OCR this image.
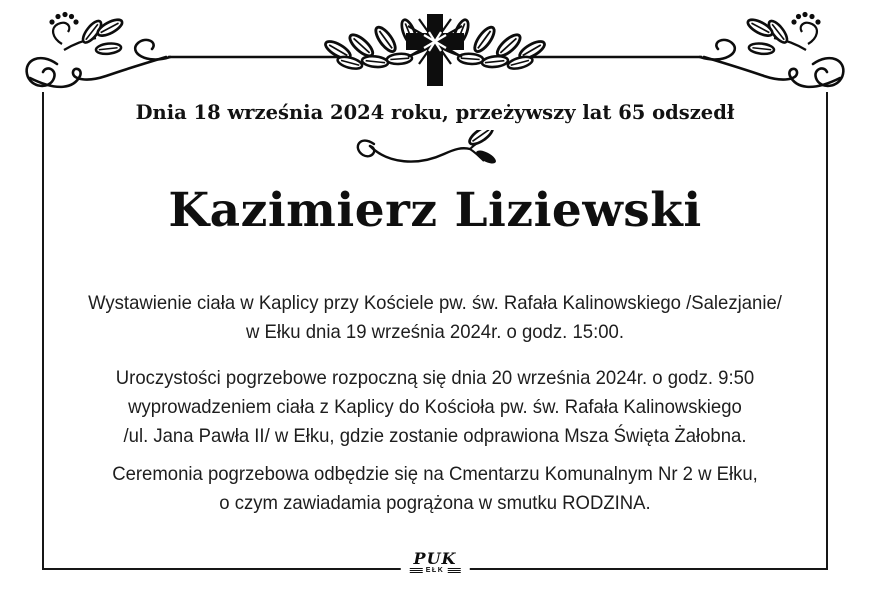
Dnia 18 września 2024 roku, przeżywszy lat 65 odszedł
Kazimierz Liziewski
Wystawienie ciała w Kaplicy przy Kościele pw. św. Rafała Kalinowskiego /Salezjanie/
w Ełku dnia 19 września 2024r. o godz. 15:00.
Uroczystości pogrzebowe rozpoczną się dnia 20 września 2024r. o godz. 9:50
wyprowadzeniem ciała z Kaplicy do Kościoła pw. św. Rafała Kalinowskiego
/ul. Jana Pawła II/ w Ełku, gdzie zostanie odprawiona Msza Święta Żałobna.
Ceremonia pogrzebowa odbędzie się na Cmentarzu Komunalnym Nr 2 w Ełku,
o czym zawiadamia pogrążona w smutku RODZINA.
PUK
EŁK
